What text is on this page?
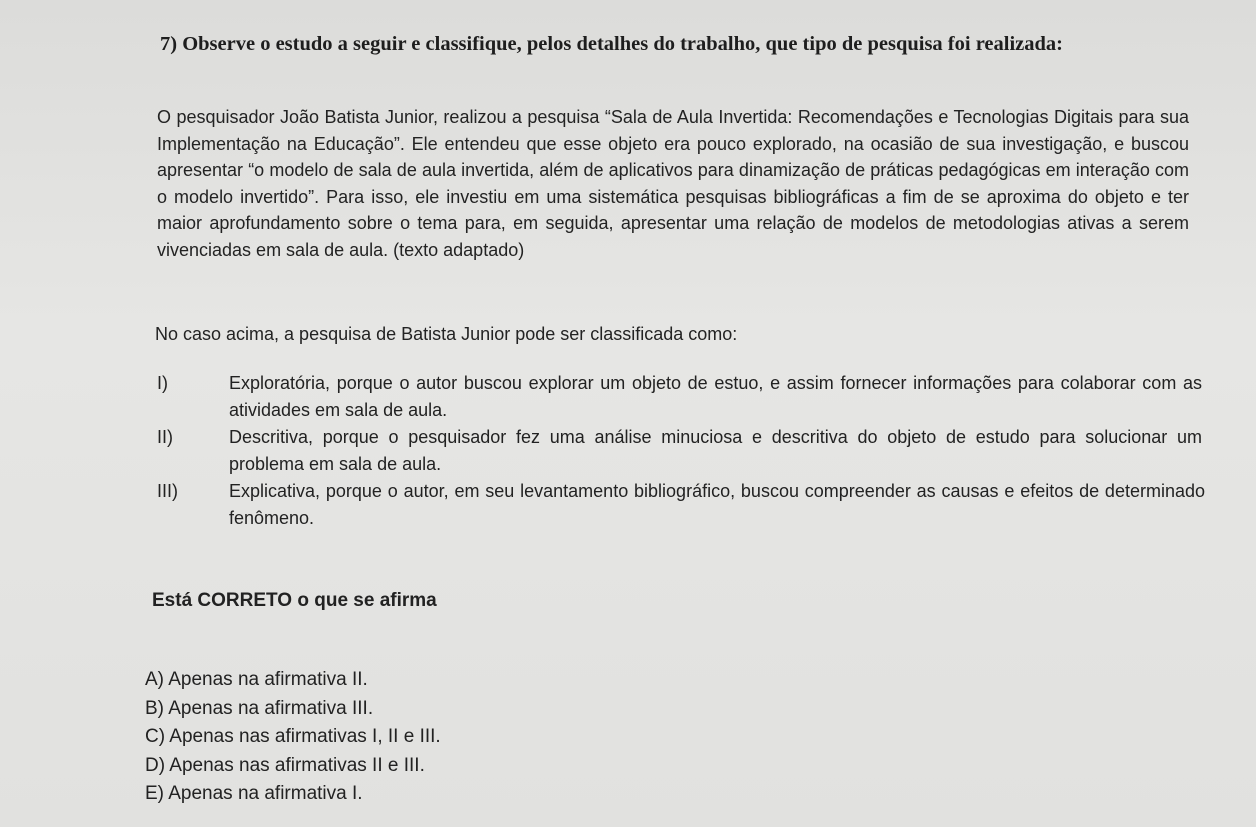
7) Observe o estudo a seguir e classifique, pelos detalhes do trabalho, que tipo de pesquisa foi realizada:
O pesquisador João Batista Junior, realizou a pesquisa “Sala de Aula Invertida: Recomendações e Tecnologias Digitais para sua Implementação na Educação”. Ele entendeu que esse objeto era pouco explorado, na ocasião de sua investigação, e buscou apresentar “o modelo de sala de aula invertida, além de aplicativos para dinamização de práticas pedagógicas em interação com o modelo invertido”. Para isso, ele investiu em uma sistemática pesquisas bibliográficas a fim de se aproxima do objeto e ter maior aprofundamento sobre o tema para, em seguida, apresentar uma relação de modelos de metodologias ativas a serem vivenciadas em sala de aula. (texto adaptado)
No caso acima, a pesquisa de Batista Junior pode ser classificada como:
I)	Exploratória, porque o autor buscou explorar um objeto de estuo, e assim fornecer informações para colaborar com as atividades em sala de aula.
II)	Descritiva, porque o pesquisador fez uma análise minuciosa e descritiva do objeto de estudo para solucionar um problema em sala de aula.
III)	Explicativa, porque o autor, em seu levantamento bibliográfico, buscou compreender as causas e efeitos de determinado fenômeno.
Está CORRETO o que se afirma
A) Apenas na afirmativa II.
B) Apenas na afirmativa III.
C) Apenas nas afirmativas I, II e III.
D) Apenas nas afirmativas II e III.
E) Apenas na afirmativa I.
